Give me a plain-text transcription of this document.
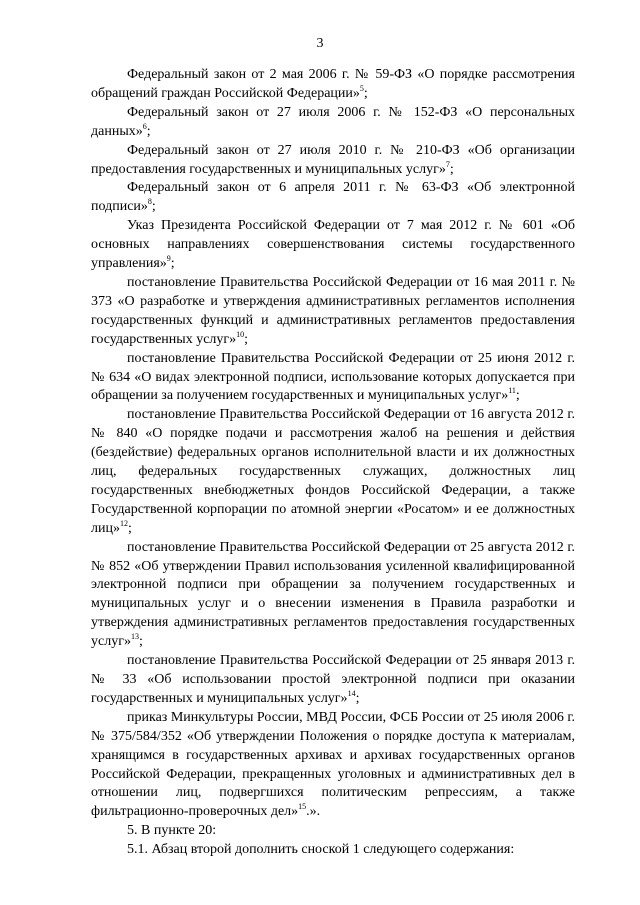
3

Федеральный закон от 2 мая 2006 г. № 59-ФЗ «О порядке рассмотрения обращений граждан Российской Федерации»$^5$;

Федеральный закон от 27 июля 2006 г. № 152-ФЗ «О персональных данных»$^6$;

Федеральный закон от 27 июля 2010 г. № 210-ФЗ «Об организации предоставления государственных и муниципальных услуг»$^7$;

Федеральный закон от 6 апреля 2011 г. № 63-ФЗ «Об электронной подписи»$^8$;

Указ Президента Российской Федерации от 7 мая 2012 г. № 601 «Об основных направлениях совершенствования системы государственного управления»$^9$;

постановление Правительства Российской Федерации от 16 мая 2011 г. № 373 «О разработке и утверждения административных регламентов исполнения государственных функций и административных регламентов предоставления государственных услуг»$^{10}$;

постановление Правительства Российской Федерации от 25 июня 2012 г. № 634 «О видах электронной подписи, использование которых допускается при обращении за получением государственных и муниципальных услуг»$^{11}$;

постановление Правительства Российской Федерации от 16 августа 2012 г. № 840 «О порядке подачи и рассмотрения жалоб на решения и действия (бездействие) федеральных органов исполнительной власти и их должностных лиц, федеральных государственных служащих, должностных лиц государственных внебюджетных фондов Российской Федерации, а также Государственной корпорации по атомной энергии «Росатом» и ее должностных лиц»$^{12}$;

постановление Правительства Российской Федерации от 25 августа 2012 г. № 852 «Об утверждении Правил использования усиленной квалифицированной электронной подписи при обращении за получением государственных и муниципальных услуг и о внесении изменения в Правила разработки и утверждения административных регламентов предоставления государственных услуг»$^{13}$;

постановление Правительства Российской Федерации от 25 января 2013 г. № 33 «Об использовании простой электронной подписи при оказании государственных и муниципальных услуг»$^{14}$;

приказ Минкультуры России, МВД России, ФСБ России от 25 июля 2006 г. № 375/584/352 «Об утверждении Положения о порядке доступа к материалам, хранящимся в государственных архивах и архивах государственных органов Российской Федерации, прекращенных уголовных и административных дел в отношении лиц, подвергшихся политическим репрессиям, а также фильтрационно-проверочных дел»$^{15}$.».

5. В пункте 20:

5.1. Абзац второй дополнить сноской 1 следующего содержания:
